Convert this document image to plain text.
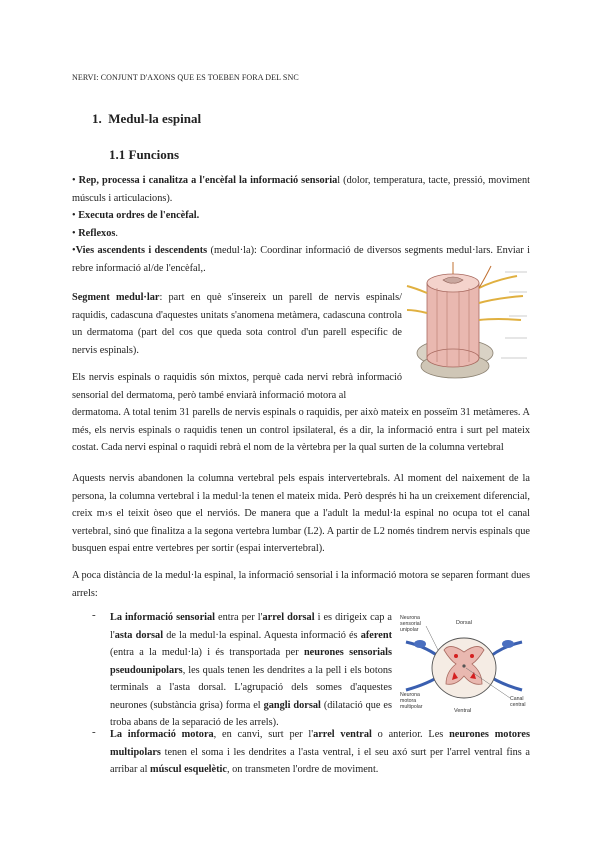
NERVI: CONJUNT D'AXONS QUE ES TOEBEN FORA DEL SNC
1. Medul-la espinal
1.1 Funcions

• Rep, processa i canalitza a l'encèfal la informació sensorial (dolor, temperatura, tacte, pressió, moviment músculs i articulacions).

• Executa ordres de l'encèfal.

• Reflexos.

•Vies ascendents i descendents (medul·la): Coordinar informació de diversos segments medul·lars. Enviar i rebre informació al/de l'encèfal,.

Segment medul·lar: part en què s'insereix un parell de nervis espinals/ raquidis, cadascuna d'aquestes unitats s'anomena metàmera, cadascuna controla un dermatoma (part del cos que queda sota control d'un parell específic de nervis espinals).

Els nervis espinals o raquidis són mixtos, perquè cada nervi rebrà informació sensorial del dermatoma, però també enviarà informació motora al

dermatoma. A total tenim 31 parells de nervis espinals o raquidis, per això mateix en posseïm 31 metàmeres. A més, els nervis espinals o raquidis tenen un control ipsilateral, és a dir, la informació entra i surt pel mateix costat. Cada nervi espinal o raquidi rebrà el nom de la vèrtebra per la qual surten de la columna vertebral

Aquests nervis abandonen la columna vertebral pels espais intervertebrals. Al moment del naixement de la persona, la columna vertebral i la medul·la tenen el mateix mida. Però després hi ha un creixement diferencial, creix m›s el teixit òseo que el nerviós. De manera que a l'adult la medul·la espinal no ocupa tot el canal vertebral, sinó que finalitza a la segona vertebra lumbar (L2). A partir de L2 només tindrem nervis espinals que busquen espai entre vertebres per sortir (espai intervertebral).

A poca distància de la medul·la espinal, la informació sensorial i la informació motora se separen formant dues arrels:

- La informació sensorial entra per l'arrel dorsal i es dirigeix cap a l'asta dorsal de la medul·la espinal. Aquesta informació és aferent (entra a la medul·la) i és transportada per neurones sensorials pseudounipolars, les quals tenen les dendrites a la pell i els botons terminals a l'asta dorsal. L'agrupació dels somes d'aquestes neurones (substància grisa) forma el gangli dorsal (dilatació que es troba abans de la separació de les arrels).

Neurona
sensorial
unipolar
Dorsal
Neurona
motora
multipolar
Ventral
Canal
central
- La informació motora, en canvi, surt per l'arrel ventral o anterior. Les neurones motores multipolars tenen el soma i les dendrites a l'asta ventral, i el seu axó surt per l'arrel ventral fins a arribar al múscul esquelètic, on transmeten l'ordre de moviment.
